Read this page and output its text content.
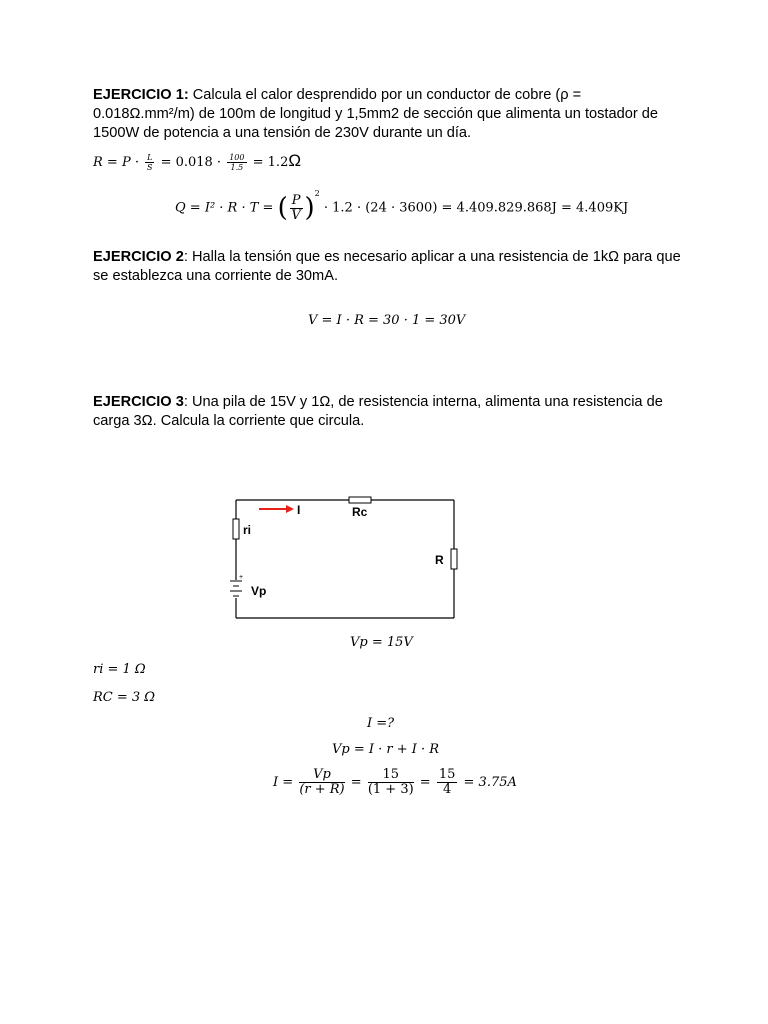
EJERCICIO 1: Calcula el calor desprendido por un conductor de cobre (ρ = 0.018Ω.mm²/m) de 100m de longitud y 1,5mm2 de sección que alimenta un tostador de 1500W de potencia a una tensión de 230V durante un día.
$R = P \cdot \frac{L}{S} = 0.018 \cdot \frac{100}{1.5} = 1.2\Omega$
Q = I² · R · T = ( $\frac{P}{V} )^2 \cdot 1.2 \cdot (24 \cdot 3600) = 4.409.829.868J = 4.409KJ$
EJERCICIO 2: Halla la tensión que es necesario aplicar a una resistencia de 1kΩ para que se establezca una corriente de 30mA.
V = I · R = 30 · 1 = 30V
EJERCICIO 3: Una pila de 15V y 1Ω, de resistencia interna, alimenta una resistencia de carga 3Ω. Calcula la corriente que circula.
+
I	Rc
ri
R
Vp
Vp = 15V
ri = 1 Ω
RC = 3 Ω
I =?
Vp = I · r + I · R
$I = \frac{Vp}{(r + R)} = \frac{15}{(1 + 3)} = \frac{15}{4} = 3.75A$
